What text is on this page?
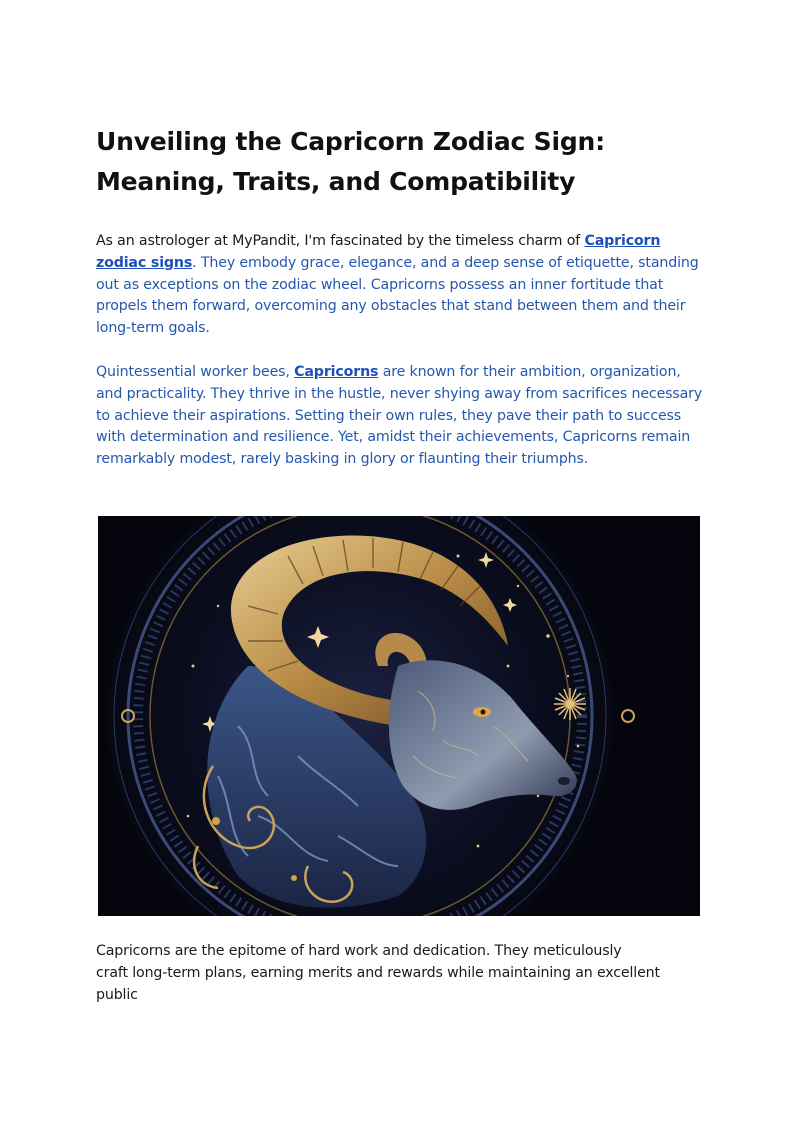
Unveiling the Capricorn Zodiac Sign:
Meaning, Traits, and Compatibility

As an astrologer at MyPandit, I'm fascinated by the timeless charm of Capricorn zodiac signs. They embody grace, elegance, and a deep sense of etiquette, standing out as exceptions on the zodiac wheel. Capricorns possess an inner fortitude that propels them forward, overcoming any obstacles that stand between them and their long-term goals.

Quintessential worker bees, Capricorns are known for their ambition, organization, and practicality. They thrive in the hustle, never shying away from sacrifices necessary to achieve their aspirations. Setting their own rules, they pave their path to success with determination and resilience. Yet, amidst their achievements, Capricorns remain remarkably modest, rarely basking in glory or flaunting their triumphs.

Capricorns are the epitome of hard work and dedication. They meticulously
craft long-term plans, earning merits and rewards while maintaining an excellent
public
